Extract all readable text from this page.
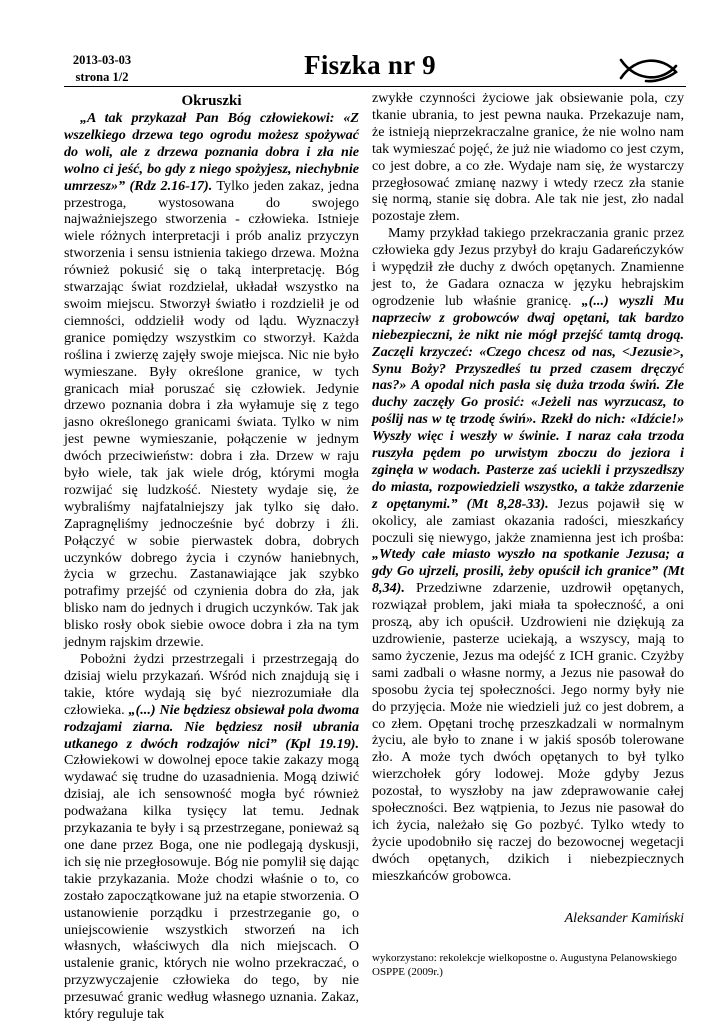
2013-03-03
strona 1/2	Fiszka nr 9
Okruszki

„A tak przykazał Pan Bóg człowiekowi: «Z wszelkiego drzewa tego ogrodu możesz spożywać do woli, ale z drzewa poznania dobra i zła nie wolno ci jeść, bo gdy z niego spożyjesz, niechybnie umrzesz»” (Rdz 2.16-17). Tylko jeden zakaz, jedna przestroga, wystosowana do swojego najważniejszego stworzenia - człowieka. Istnieje wiele różnych interpretacji i prób analiz przyczyn stworzenia i sensu istnienia takiego drzewa. Można również pokusić się o taką interpretację. Bóg stwarzając świat rozdzielał, układał wszystko na swoim miejscu. Stworzył światło i rozdzielił je od ciemności, oddzielił wody od lądu. Wyznaczył granice pomiędzy wszystkim co stworzył. Każda roślina i zwierzę zajęły swoje miejsca. Nic nie było wymieszane. Były określone granice, w tych granicach miał poruszać się człowiek. Jedynie drzewo poznania dobra i zła wyłamuje się z tego jasno określonego granicami świata. Tylko w nim jest pewne wymieszanie, połączenie w jednym dwóch przeciwieństw: dobra i zła. Drzew w raju było wiele, tak jak wiele dróg, którymi mogła rozwijać się ludzkość. Niestety wydaje się, że wybraliśmy najfatalniejszy jak tylko się dało. Zapragnęliśmy jednocześnie być dobrzy i źli. Połączyć w sobie pierwastek dobra, dobrych uczynków dobrego życia i czynów haniebnych, życia w grzechu. Zastanawiające jak szybko potrafimy przejść od czynienia dobra do zła, jak blisko nam do jednych i drugich uczynków. Tak jak blisko rosły obok siebie owoce dobra i zła na tym jednym rajskim drzewie.

Pobożni żydzi przestrzegali i przestrzegają do dzisiaj wielu przykazań. Wśród nich znajdują się i takie, które wydają się być niezrozumiałe dla człowieka. „(...) Nie będziesz obsiewał pola dwoma rodzajami ziarna. Nie będziesz nosił ubrania utkanego z dwóch rodzajów nici” (Kpl 19.19). Człowiekowi w dowolnej epoce takie zakazy mogą wydawać się trudne do uzasadnienia. Mogą dziwić dzisiaj, ale ich sensowność mogła być również podważana kilka tysięcy lat temu. Jednak przykazania te były i są przestrzegane, ponieważ są one dane przez Boga, one nie podlegają dyskusji, ich się nie przegłosowuje. Bóg nie pomylił się dając takie przykazania. Może chodzi właśnie o to, co zostało zapoczątkowane już na etapie stworzenia. O ustanowienie porządku i przestrzeganie go, o uniejscowienie wszystkich stworzeń na ich własnych, właściwych dla nich miejscach. O ustalenie granic, których nie wolno przekraczać, o przyzwyczajenie człowieka do tego, by nie przesuwać granic według własnego uznania. Zakaz, który reguluje tak

zwykłe czynności życiowe jak obsiewanie pola, czy tkanie ubrania, to jest pewna nauka. Przekazuje nam, że istnieją nieprzekraczalne granice, że nie wolno nam tak wymieszać pojęć, że już nie wiadomo co jest czym, co jest dobre, a co złe. Wydaje nam się, że wystarczy przegłosować zmianę nazwy i wtedy rzecz zła stanie się normą, stanie się dobra. Ale tak nie jest, zło nadal pozostaje złem.

Mamy przykład takiego przekraczania granic przez człowieka gdy Jezus przybył do kraju Gadareńczyków i wypędził złe duchy z dwóch opętanych. Znamienne jest to, że Gadara oznacza w języku hebrajskim ogrodzenie lub właśnie granicę. „(...) wyszli Mu naprzeciw z grobowców dwaj opętani, tak bardzo niebezpieczni, że nikt nie mógł przejść tamtą drogą. Zaczęli krzyczeć: «Czego chcesz od nas, <Jezusie>, Synu Boży? Przyszedłeś tu przed czasem dręczyć nas?» A opodal nich pasła się duża trzoda świń. Złe duchy zaczęły Go prosić: «Jeżeli nas wyrzucasz, to poślij nas w tę trzodę świń». Rzekł do nich: «Idźcie!» Wyszły więc i weszły w świnie. I naraz cała trzoda ruszyła pędem po urwistym zboczu do jeziora i zginęła w wodach. Pasterze zaś uciekli i przyszedłszy do miasta, rozpowiedzieli wszystko, a także zdarzenie z opętanymi.” (Mt 8,28-33). Jezus pojawił się w okolicy, ale zamiast okazania radości, mieszkańcy poczuli się niewygo, jakże znamienna jest ich prośba: „Wtedy całe miasto wyszło na spotkanie Jezusa; a gdy Go ujrzeli, prosili, żeby opuścił ich granice” (Mt 8,34). Przedziwne zdarzenie, uzdrowił opętanych, rozwiązał problem, jaki miała ta społeczność, a oni proszą, aby ich opuścił. Uzdrowieni nie dziękują za uzdrowienie, pasterze uciekają, a wszyscy, mają to samo życzenie, Jezus ma odejść z ICH granic. Czyżby sami zadbali o własne normy, a Jezus nie pasował do sposobu życia tej społeczności. Jego normy były nie do przyjęcia. Może nie wiedzieli już co jest dobrem, a co złem. Opętani trochę przeszkadzali w normalnym życiu, ale było to znane i w jakiś sposób tolerowane zło. A może tych dwóch opętanych to był tylko wierzchołek góry lodowej. Może gdyby Jezus pozostał, to wyszłoby na jaw zdeprawowanie całej społeczności. Bez wątpienia, to Jezus nie pasował do ich życia, należało się Go pozbyć. Tylko wtedy to życie upodobniło się raczej do bezowocnej wegetacji dwóch opętanych, dzikich i niebezpiecznych mieszkańców grobowca.

Aleksander Kamiński
wykorzystano: rekolekcje wielkopostne o. Augustyna Pelanowskiego OSPPE (2009r.)
